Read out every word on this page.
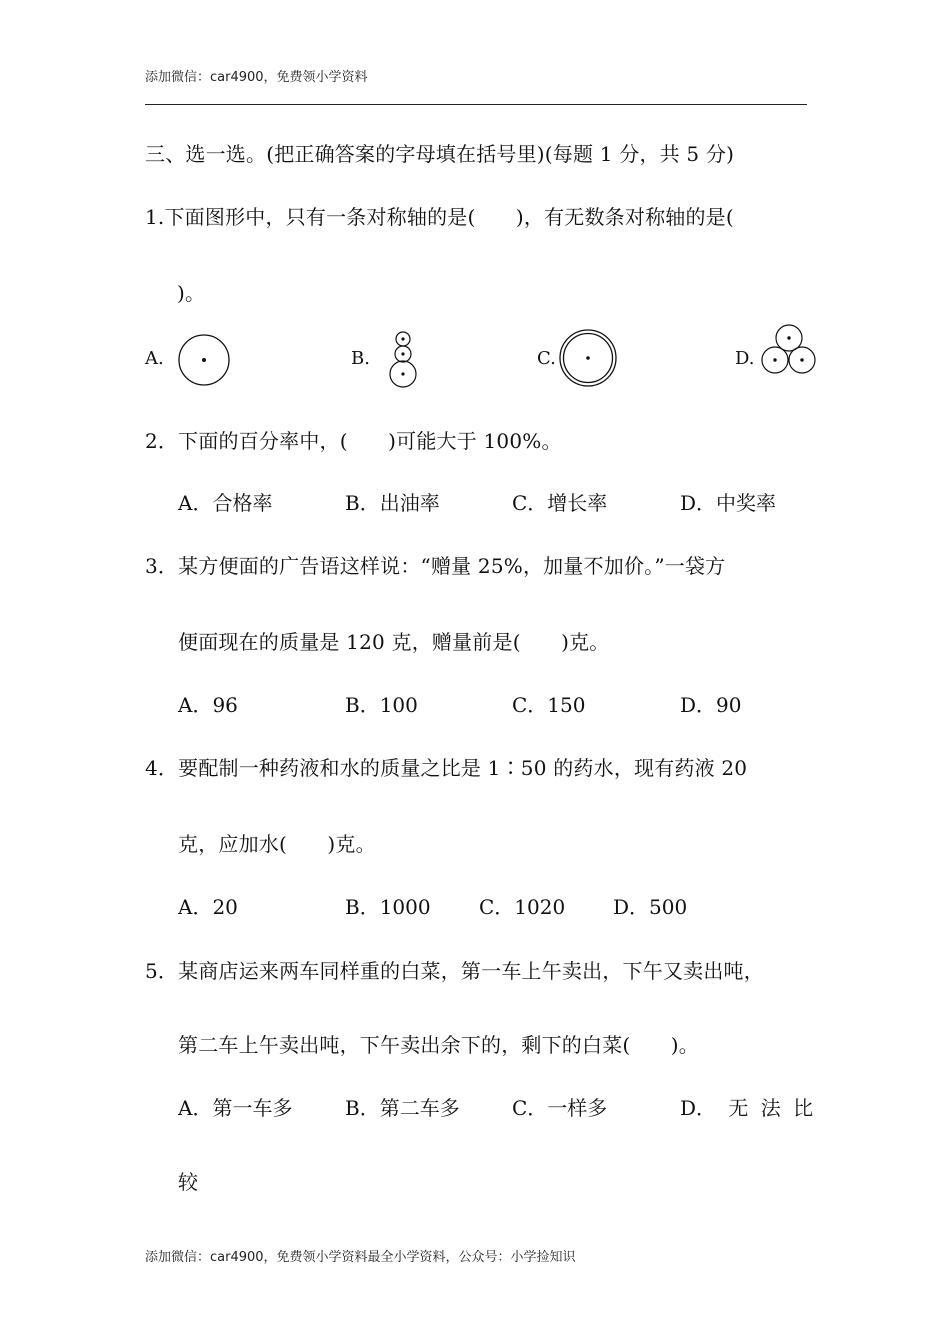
添加微信：car4900，免费领小学资料
三、选一选。(把正确答案的字母填在括号里)(每题 1 分，共 5 分)
1.下面图形中，只有一条对称轴的是(　　)，有无数条对称轴的是(
)。
A.	B.	C.	D.
2．下面的百分率中，(　　)可能大于 100%。
A．合格率	B．出油率	C．增长率	D．中奖率
3．某方便面的广告语这样说：“赠量 25%，加量不加价。”一袋方
便面现在的质量是 120 克，赠量前是(　　)克。
A．96	B．100	C．150	D．90
4．要配制一种药液和水的质量之比是 1∶50 的药水，现有药液 20
克，应加水(　　)克。
A．20	B．1000 C．1020 D．500
5．某商店运来两车同样重的白菜，第一车上午卖出，下午又卖出吨，
第二车上午卖出吨，下午卖出余下的，剩下的白菜(　　)。
A．第一车多	B．第二车多	C．一样多	D． 无 法 比
较
添加微信：car4900，免费领小学资料最全小学资料，公众号：小学捡知识
